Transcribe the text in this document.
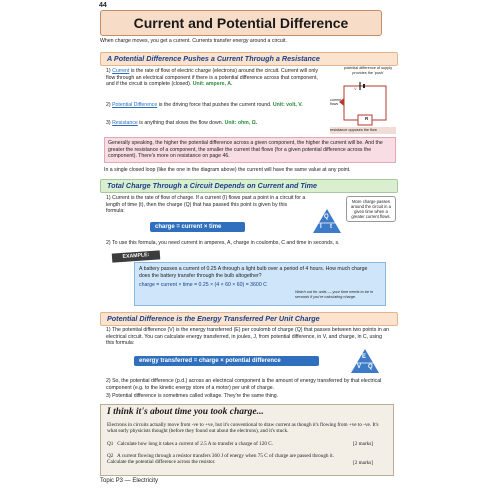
44
Current and Potential Difference
When charge moves, you get a current. Currents transfer energy around a circuit.
A Potential Difference Pushes a Current Through a Resistance
1) Current is the rate of flow of electric charge (electrons) around the circuit. Current will only flow through an electrical component if there is a potential difference across that component, and if the circuit is complete (closed). Unit: ampere, A.
2) Potential Difference is the driving force that pushes the current round. Unit: volt, V.
3) Resistance is anything that slows the flow down. Unit: ohm, Ω.
potential difference of supply provides the 'push'
R
current flows
V
resistance opposes the flow
Generally speaking, the higher the potential difference across a given component, the higher the current will be. And the greater the resistance of a component, the smaller the current that flows (for a given potential difference across the component). There's more on resistance on page 46.
In a single closed loop (like the one in the diagram above) the current will have the same value at any point.
Total Charge Through a Circuit Depends on Current and Time
1) Current is the rate of flow of charge. If a current (I) flows past a point in a circuit for a length of time (t), then the charge (Q) that has passed this point is given by this formula:
charge = current × time
Q
I t
More charge passes around the circuit in a given time when a greater current flows.
2) To use this formula, you need current in amperes, A, charge in coulombs, C and time in seconds, s.
EXAMPLE:
A battery passes a current of 0.25 A through a light bulb over a period of 4 hours. How much charge does the battery transfer through the bulb altogether?
charge = current × time = 0.25 × (4 × 60 × 60) = 3600 C
Watch out for units — your time needs to be in seconds if you're calculating charge.
Potential Difference is the Energy Transferred Per Unit Charge
1) The potential difference (V) is the energy transferred (E) per coulomb of charge (Q) that passes between two points in an electrical circuit. You can calculate energy transferred, in joules, J, from potential difference, in V, and charge, in C, using this formula:
energy transferred = charge × potential difference
E
V Q
2) So, the potential difference (p.d.) across an electrical component is the amount of energy transferred by that electrical component (e.g. to the kinetic energy store of a motor) per unit of charge.
3) Potential difference is sometimes called voltage. They're the same thing.
I think it's about time you took charge...
Electrons in circuits actually move from -ve to +ve, but it's conventional to draw current as though it's flowing from +ve to -ve. It's what early physicists thought (before they found out about the electrons), and it's stuck.
Q1 Calculate how long it takes a current of 2.5 A to transfer a charge of 120 C.	[2 marks]
Q2 A current flowing through a resistor transfers 360 J of energy when 75 C of charge are passed through it. Calculate the potential difference across the resistor.	[2 marks]
Topic P3 — Electricity
